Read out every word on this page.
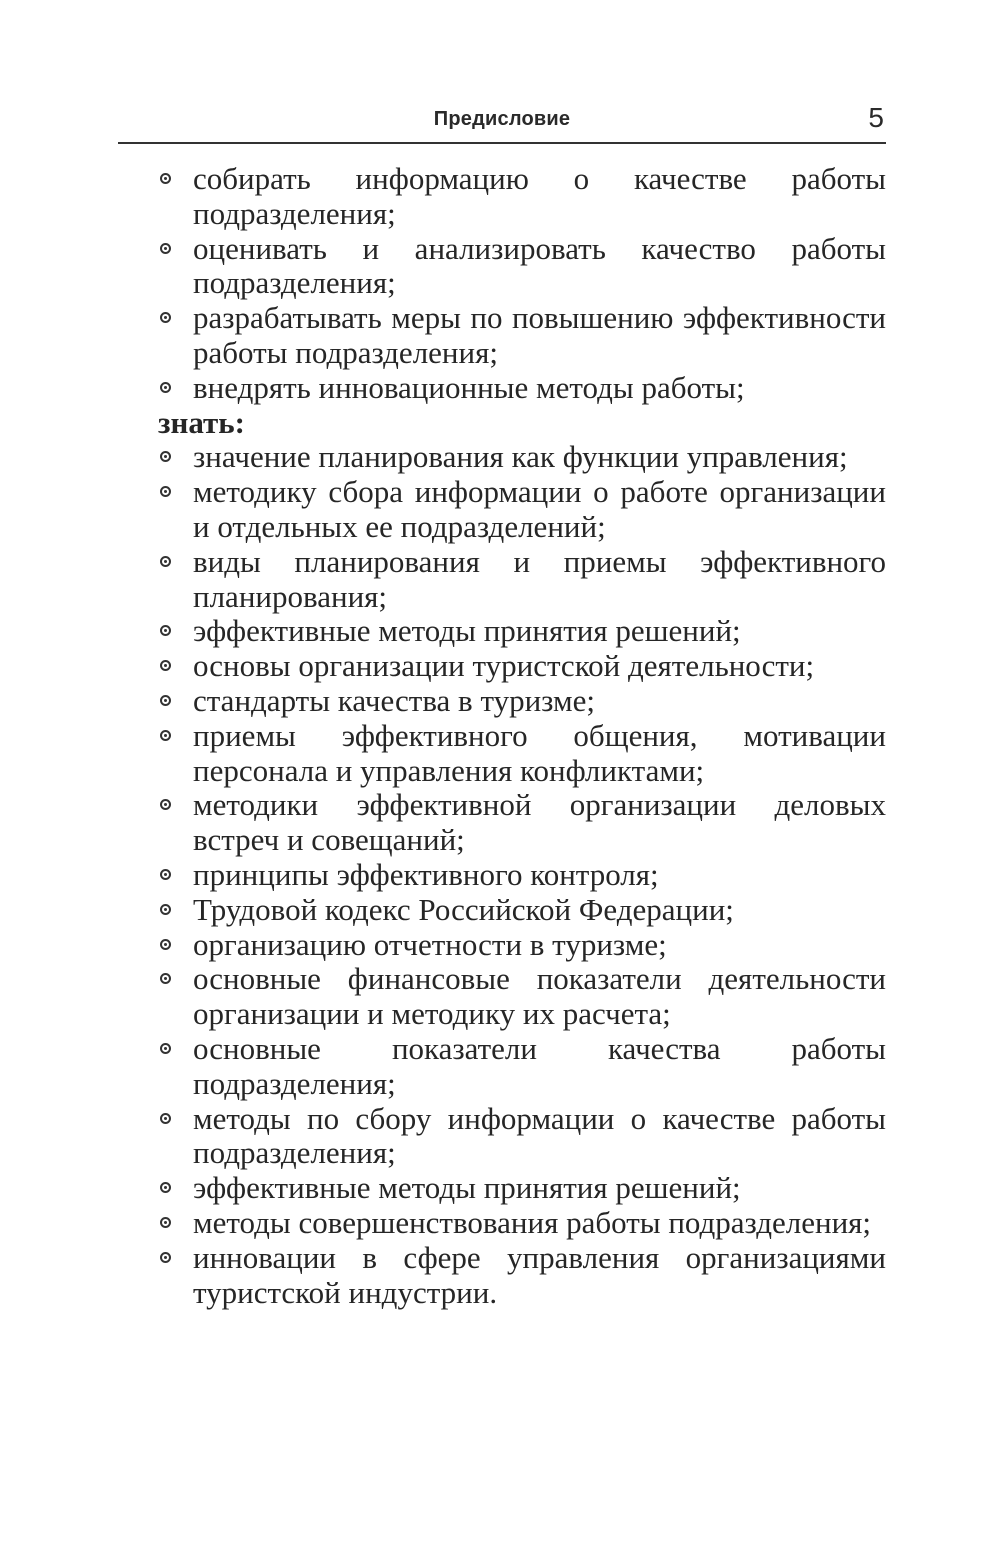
Предисловие	5
собирать информацию о качестве работы подразделения;
оценивать и анализировать качество работы подразделения;
разрабатывать меры по повышению эффективности работы подразделения;
внедрять инновационные методы работы;

знать:

значение планирования как функции управления;
методику сбора информации о работе организации и отдельных ее подразделений;
виды планирования и приемы эффективного планирования;
эффективные методы принятия решений;
основы организации туристской деятельности;
стандарты качества в туризме;
приемы эффективного общения, мотивации персонала и управления конфликтами;
методики эффективной организации деловых встреч и совещаний;
принципы эффективного контроля;
Трудовой кодекс Российской Федерации;
организацию отчетности в туризме;
основные финансовые показатели деятельности организации и методику их расчета;
основные показатели качества работы подразделения;
методы по сбору информации о качестве работы подразделения;
эффективные методы принятия решений;
методы совершенствования работы подразделения;
инновации в сфере управления организациями туристской индустрии.
